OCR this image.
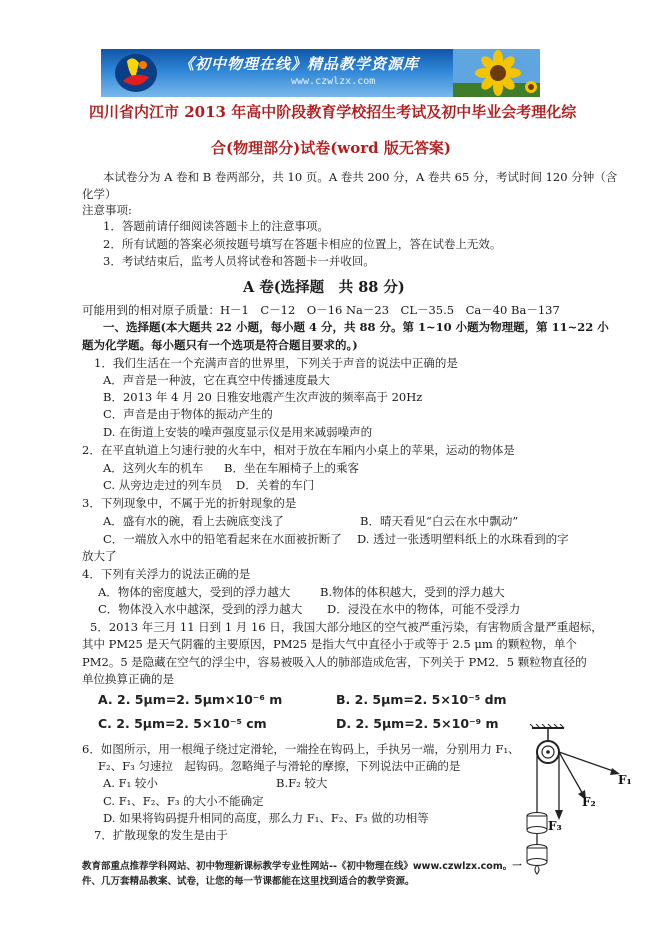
《初中物理在线》精品教学资源库
www.czwlzx.com
四川省内江市 2013 年高中阶段教育学校招生考试及初中毕业会考理化综
合(物理部分)试卷(word 版无答案)
本试卷分为 A 卷和 B 卷两部分，共 10 页。A 卷共 200 分，A 卷共 65 分，考试时间 120 分钟（含
化学）
注意事项:
1．答题前请仔细阅读答题卡上的注意事项。
2．所有试题的答案必须按题号填写在答题卡相应的位置上，答在试卷上无效。
3．考试结束后，监考人员将试卷和答题卡一并收回。
A 卷(选择题　共 88 分)
可能用到的相对原子质量：H－1　C－12　O－16 Na－23　CL－35.5　Ca－40 Ba－137
一、选择题(本大题共 22 小题，每小题 4 分，共 88 分。第 1~10 小题为物理题，第 11~22 小
题为化学题。每小题只有一个选项是符合题目要求的。)
1．我们生活在一个充满声音的世界里，下列关于声音的说法中正确的是
A．声音是一种波，它在真空中传播速度最大
B．2013 年 4 月 20 日雅安地震产生次声波的频率高于 20Hz
C．声音是由于物体的振动产生的
D. 在街道上安装的噪声强度显示仪是用来减弱噪声的
2．在平直轨道上匀速行驶的火车中，相对于放在车厢内小桌上的苹果，运动的物体是
A．这列火车的机车 B．坐在车厢椅子上的乘客
C. 从旁边走过的列车员 D．关着的车门
3．下列现象中，不属于光的折射现象的是
A．盛有水的碗，看上去碗底变浅了	B．晴天看见“白云在水中飘动”
C．一端放入水中的铅笔看起来在水面被折断了 D. 透过一张透明塑料纸上的水珠看到的字
放大了
4．下列有关浮力的说法正确的是
A．物体的密度越大，受到的浮力越大	B.物体的体积越大，受到的浮力越大
C．物体没入水中越深，受到的浮力越大 D．浸没在水中的物体，可能不受浮力
5．2013 年三月 11 日到 1 月 16 日，我国大部分地区的空气被严重污染，有害物质含量严重超标，
其中 PM25 是天气阴霾的主要原因，PM25 是指大气中直径小于或等于 2.5 μm 的颗粒物，单个
PM2。5 是隐藏在空气的浮尘中，容易被吸入人的肺部造成危害，下列关于 PM2．5 颗粒物直径的
单位换算正确的是
A. 2. 5μm=2. 5μm×10⁻⁶ m	B. 2. 5μm=2. 5×10⁻⁵ dm
C. 2. 5μm=2. 5×10⁻⁵ cm	D. 2. 5μm=2. 5×10⁻⁹ m
6．如图所示，用一根绳子绕过定滑轮，一端拴在钩码上，手执另一端，分别用力 F₁、
F₂、F₃ 匀速拉　起钩码。忽略绳子与滑轮的摩擦，下列说法中正确的是
A. F₁ 较小	B.F₂ 较大
C. F₁、F₂、F₃ 的大小不能确定
D. 如果将钩码提升相同的高度，那么力 F₁、F₂、F₃ 做的功相等
7．扩散现象的发生是由于
F₃
F₂
F₁
教育部重点推荐学科网站、初中物理新课标教学专业性网站--《初中物理在线》www.czwlzx.com。一
件、几万套精品教案、试卷，让您的每一节课都能在这里找到适合的教学资源。
